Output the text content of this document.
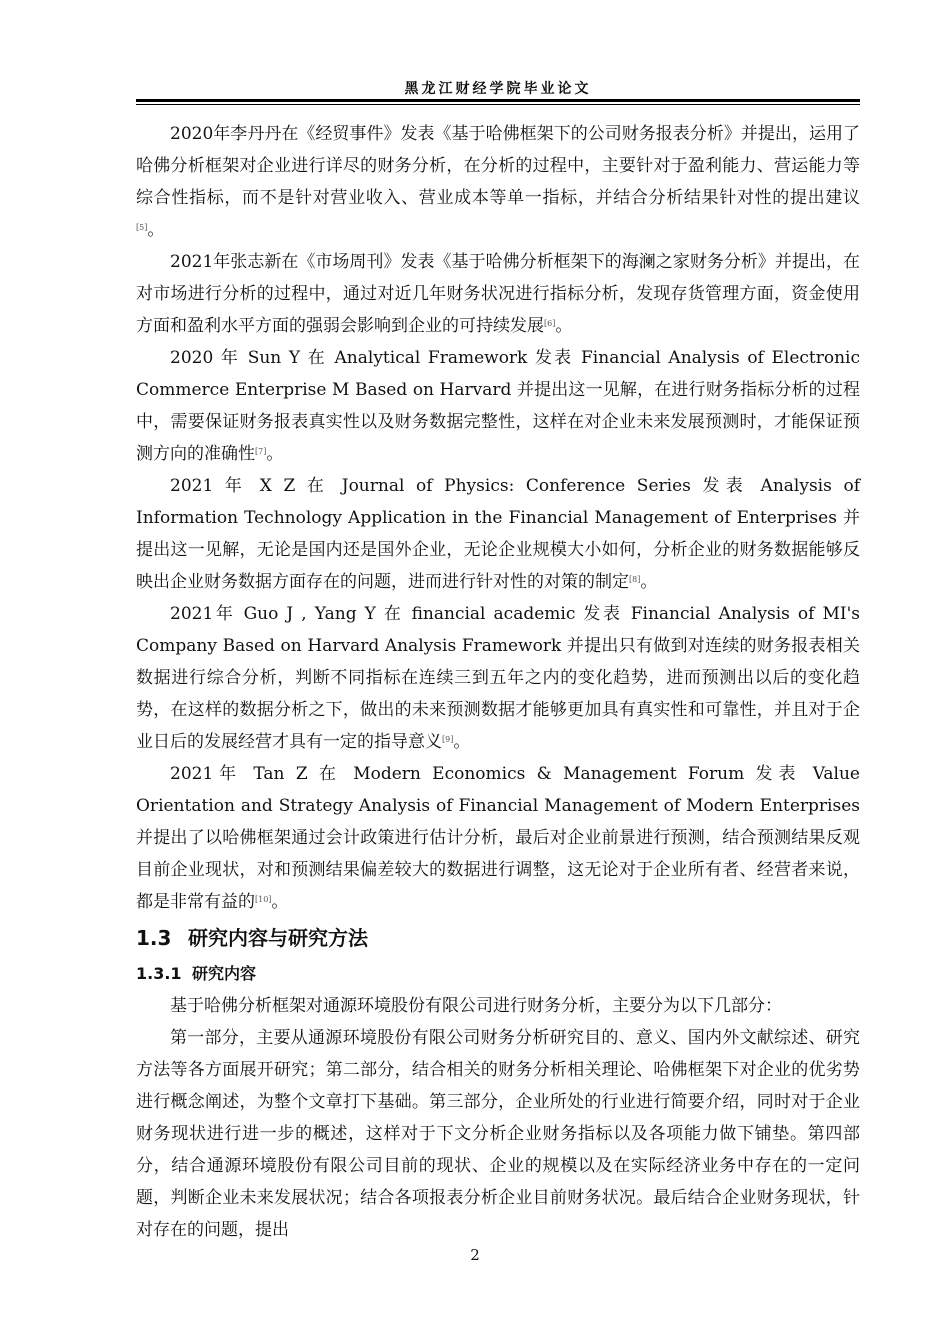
黑龙江财经学院毕业论文

2020年李丹丹在《经贸事件》发表《基于哈佛框架下的公司财务报表分析》并提出，运用了哈佛分析框架对企业进行详尽的财务分析，在分析的过程中，主要针对于盈利能力、营运能力等综合性指标，而不是针对营业收入、营业成本等单一指标，并结合分析结果针对性的提出建议[5]。

2021年张志新在《市场周刊》发表《基于哈佛分析框架下的海澜之家财务分析》并提出，在对市场进行分析的过程中，通过对近几年财务状况进行指标分析，发现存货管理方面，资金使用方面和盈利水平方面的强弱会影响到企业的可持续发展[6]。

2020 年 Sun Y 在 Analytical Framework 发表 Financial Analysis of Electronic Commerce Enterprise M Based on Harvard 并提出这一见解，在进行财务指标分析的过程中，需要保证财务报表真实性以及财务数据完整性，这样在对企业未来发展预测时，才能保证预测方向的准确性[7]。

2021 年 X Z 在 Journal of Physics: Conference Series 发表 Analysis of Information Technology Application in the Financial Management of Enterprises 并提出这一见解，无论是国内还是国外企业，无论企业规模大小如何，分析企业的财务数据能够反映出企业财务数据方面存在的问题，进而进行针对性的对策的制定[8]。

2021年 Guo J , Yang Y 在 financial academic 发表 Financial Analysis of MI's Company Based on Harvard Analysis Framework 并提出只有做到对连续的财务报表相关数据进行综合分析，判断不同指标在连续三到五年之内的变化趋势，进而预测出以后的变化趋势，在这样的数据分析之下，做出的未来预测数据才能够更加具有真实性和可靠性，并且对于企业日后的发展经营才具有一定的指导意义[9]。

2021年 Tan Z 在 Modern Economics & Management Forum 发表 Value Orientation and Strategy Analysis of Financial Management of Modern Enterprises 并提出了以哈佛框架通过会计政策进行估计分析，最后对企业前景进行预测，结合预测结果反观目前企业现状，对和预测结果偏差较大的数据进行调整，这无论对于企业所有者、经营者来说，都是非常有益的[10]。

1.3 研究内容与研究方法
1.3.1 研究内容

基于哈佛分析框架对通源环境股份有限公司进行财务分析，主要分为以下几部分：

第一部分，主要从通源环境股份有限公司财务分析研究目的、意义、国内外文献综述、研究方法等各方面展开研究；第二部分，结合相关的财务分析相关理论、哈佛框架下对企业的优劣势进行概念阐述，为整个文章打下基础。第三部分，企业所处的行业进行简要介绍，同时对于企业财务现状进行进一步的概述，这样对于下文分析企业财务指标以及各项能力做下铺垫。第四部分，结合通源环境股份有限公司目前的现状、企业的规模以及在实际经济业务中存在的一定问题，判断企业未来发展状况；结合各项报表分析企业目前财务状况。最后结合企业财务现状，针对存在的问题，提出

2
